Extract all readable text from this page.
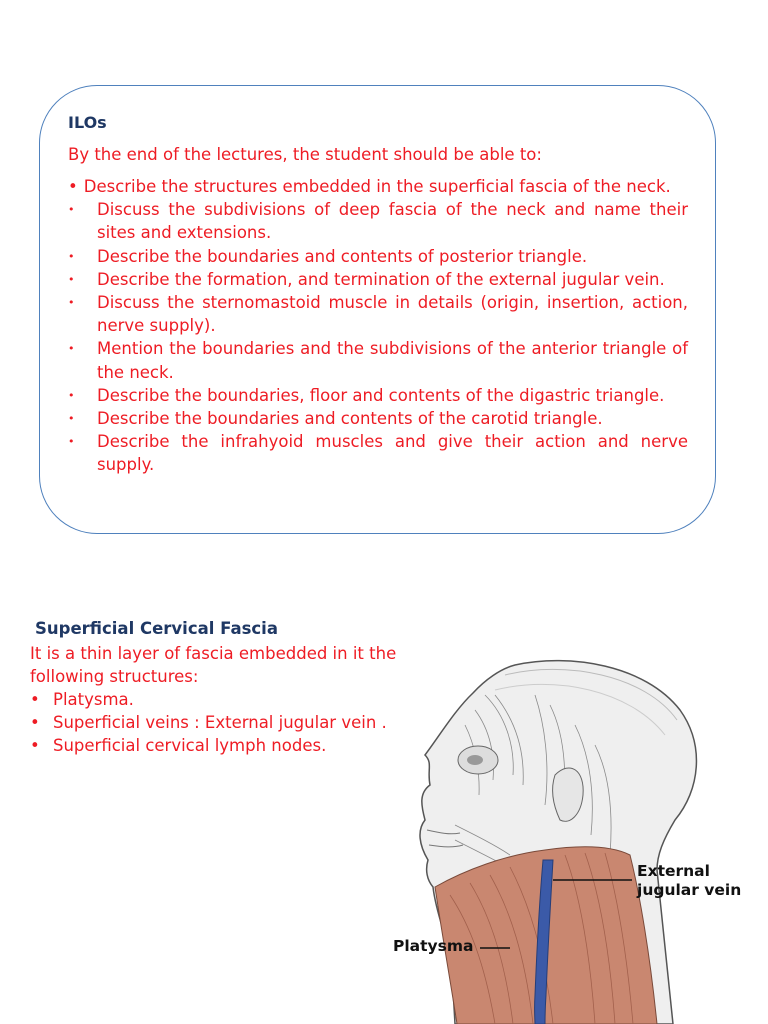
ILOs

By the end of the lectures, the student should be able to:

• Describe the structures embedded in the superficial fascia of the neck.
• Discuss the subdivisions of deep fascia of the neck and name their sites and extensions.
• Describe the boundaries and contents of posterior triangle.
• Describe the formation, and termination of the external jugular vein.
• Discuss the sternomastoid muscle in details (origin, insertion, action, nerve supply).
• Mention the boundaries and the subdivisions of the anterior triangle of the neck.
• Describe the boundaries, floor and contents of the digastric triangle.
• Describe the boundaries and contents of the carotid triangle.
• Describe the infrahyoid muscles and give their action and nerve supply.
Superficial Cervical Fascia

It is a thin layer of fascia embedded in it the following structures:

• Platysma.
• Superficial veins : External jugular vein .
• Superficial cervical lymph nodes.
External jugular vein
Platysma
